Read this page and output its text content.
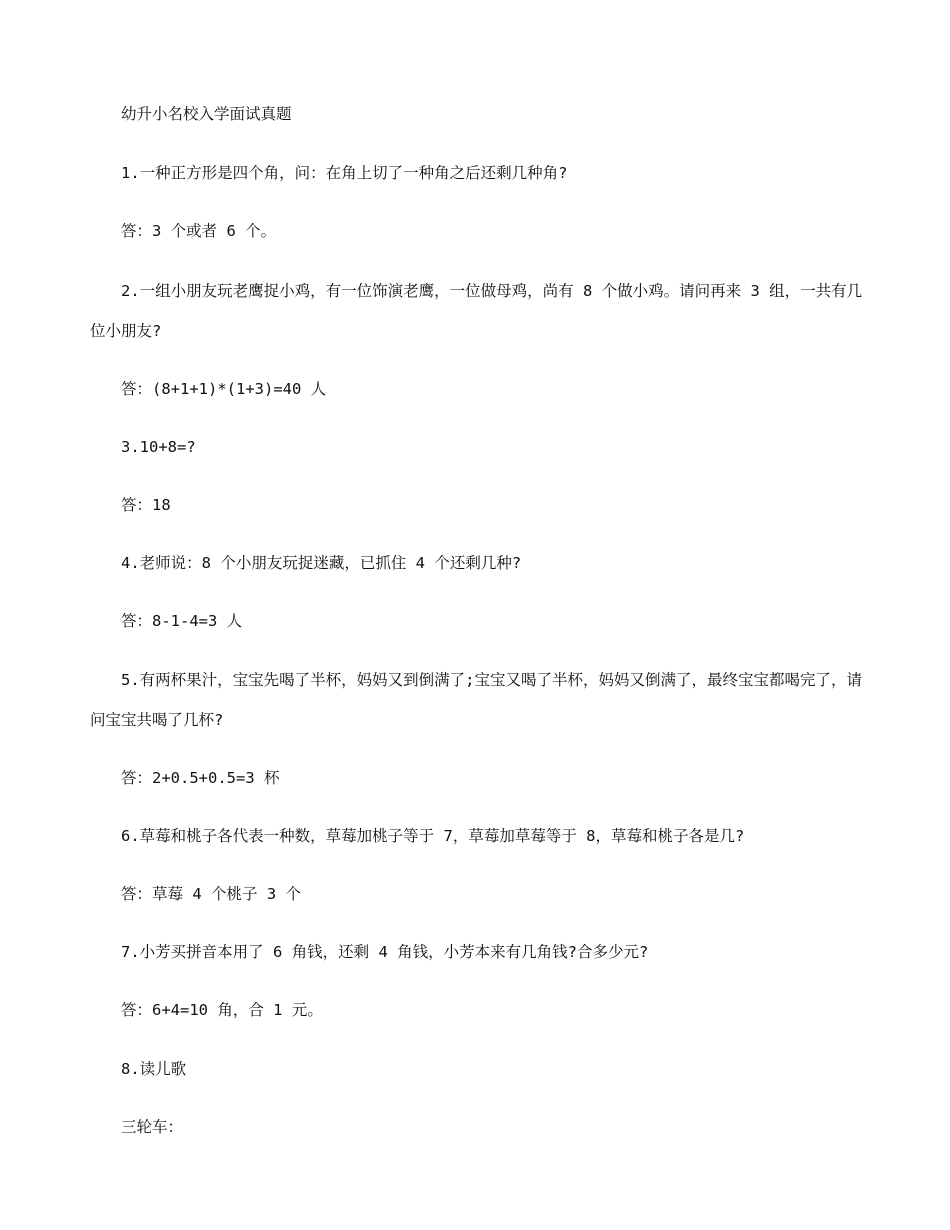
幼升小名校入学面试真题
1.一种正方形是四个角，问：在角上切了一种角之后还剩几种角?
答：3 个或者 6 个。
2.一组小朋友玩老鹰捉小鸡，有一位饰演老鹰，一位做母鸡，尚有 8 个做小鸡。请问再来 3 组，一共有几位小朋友?
答：(8+1+1)*(1+3)=40 人
3.10+8=?
答：18
4.老师说：8 个小朋友玩捉迷藏，已抓住 4 个还剩几种?
答：8-1-4=3 人
5.有两杯果汁，宝宝先喝了半杯，妈妈又到倒满了;宝宝又喝了半杯，妈妈又倒满了，最终宝宝都喝完了，请问宝宝共喝了几杯?
答：2+0.5+0.5=3 杯
6.草莓和桃子各代表一种数，草莓加桃子等于 7，草莓加草莓等于 8，草莓和桃子各是几?
答：草莓 4 个桃子 3 个
7.小芳买拼音本用了 6 角钱，还剩 4 角钱，小芳本来有几角钱?合多少元?
答：6+4=10 角，合 1 元。
8.读儿歌
三轮车：
